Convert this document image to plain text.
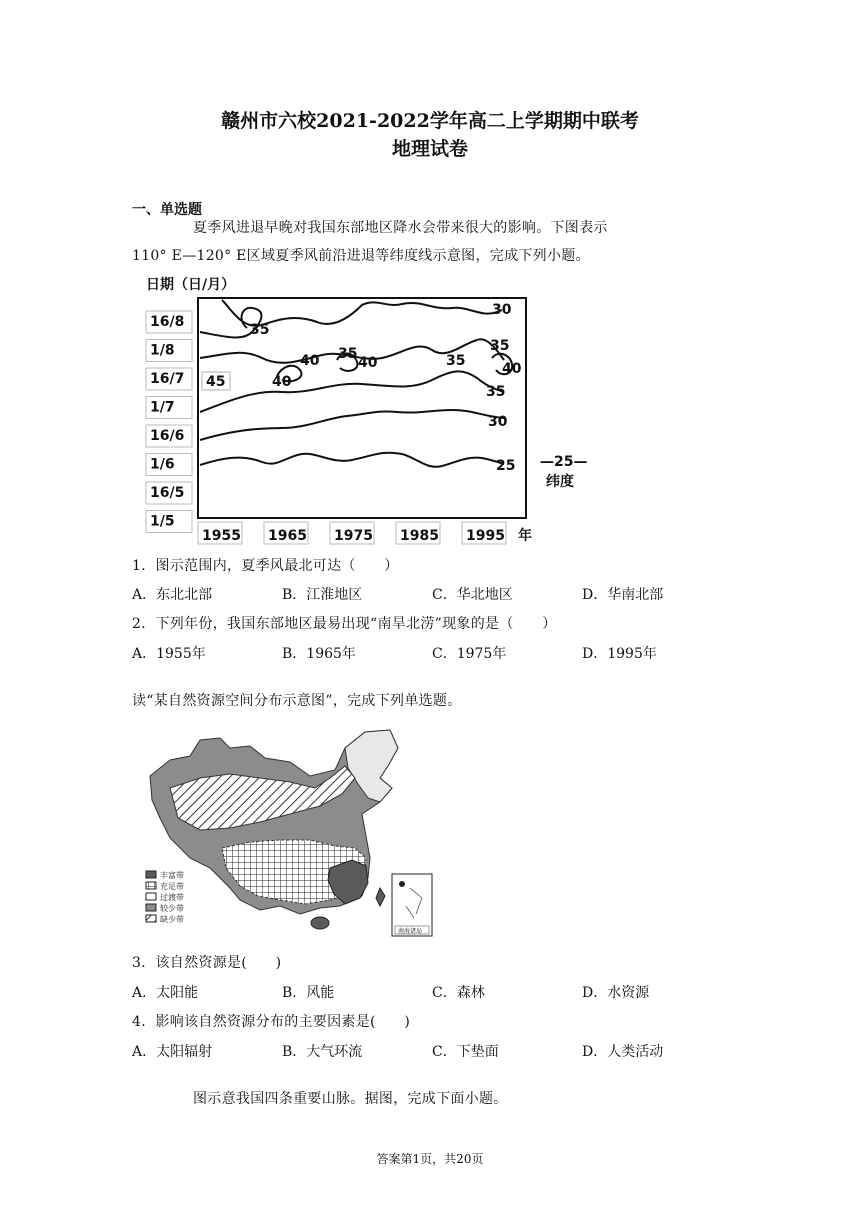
赣州市六校2021-2022学年高二上学期期中联考
地理试卷
一、单选题
夏季风进退早晚对我国东部地区降水会带来很大的影响。下图表示
110° E—120° E区域夏季风前沿进退等纬度线示意图，完成下列小题。
日期（日/月）
16/8
1/8
16/7
1/7
16/6
1/6
16/5
1/5
45
35
40
40
35
40	35
30
35
40
35
30
25
1955 1965 1975 1985 1995 年
—25—
纬度
1．图示范围内，夏季风最北可达（　　）
A．东北北部	B．江淮地区	C．华北地区	D．华南北部
2．下列年份，我国东部地区最易出现“南旱北涝”现象的是（　　）
A．1955年	B．1965年	C．1975年	D．1995年
读“某自然资源空间分布示意图”，完成下列单选题。
丰富带
充足带
过渡带
较少带
缺少带
南海诸岛
3．该自然资源是(　　)
A．太阳能	B．风能	C．森林	D．水资源
4．影响该自然资源分布的主要因素是(　　)
A．太阳辐射	B．大气环流	C．下垫面	D．人类活动
图示意我国四条重要山脉。据图，完成下面小题。
答案第1页，共20页
